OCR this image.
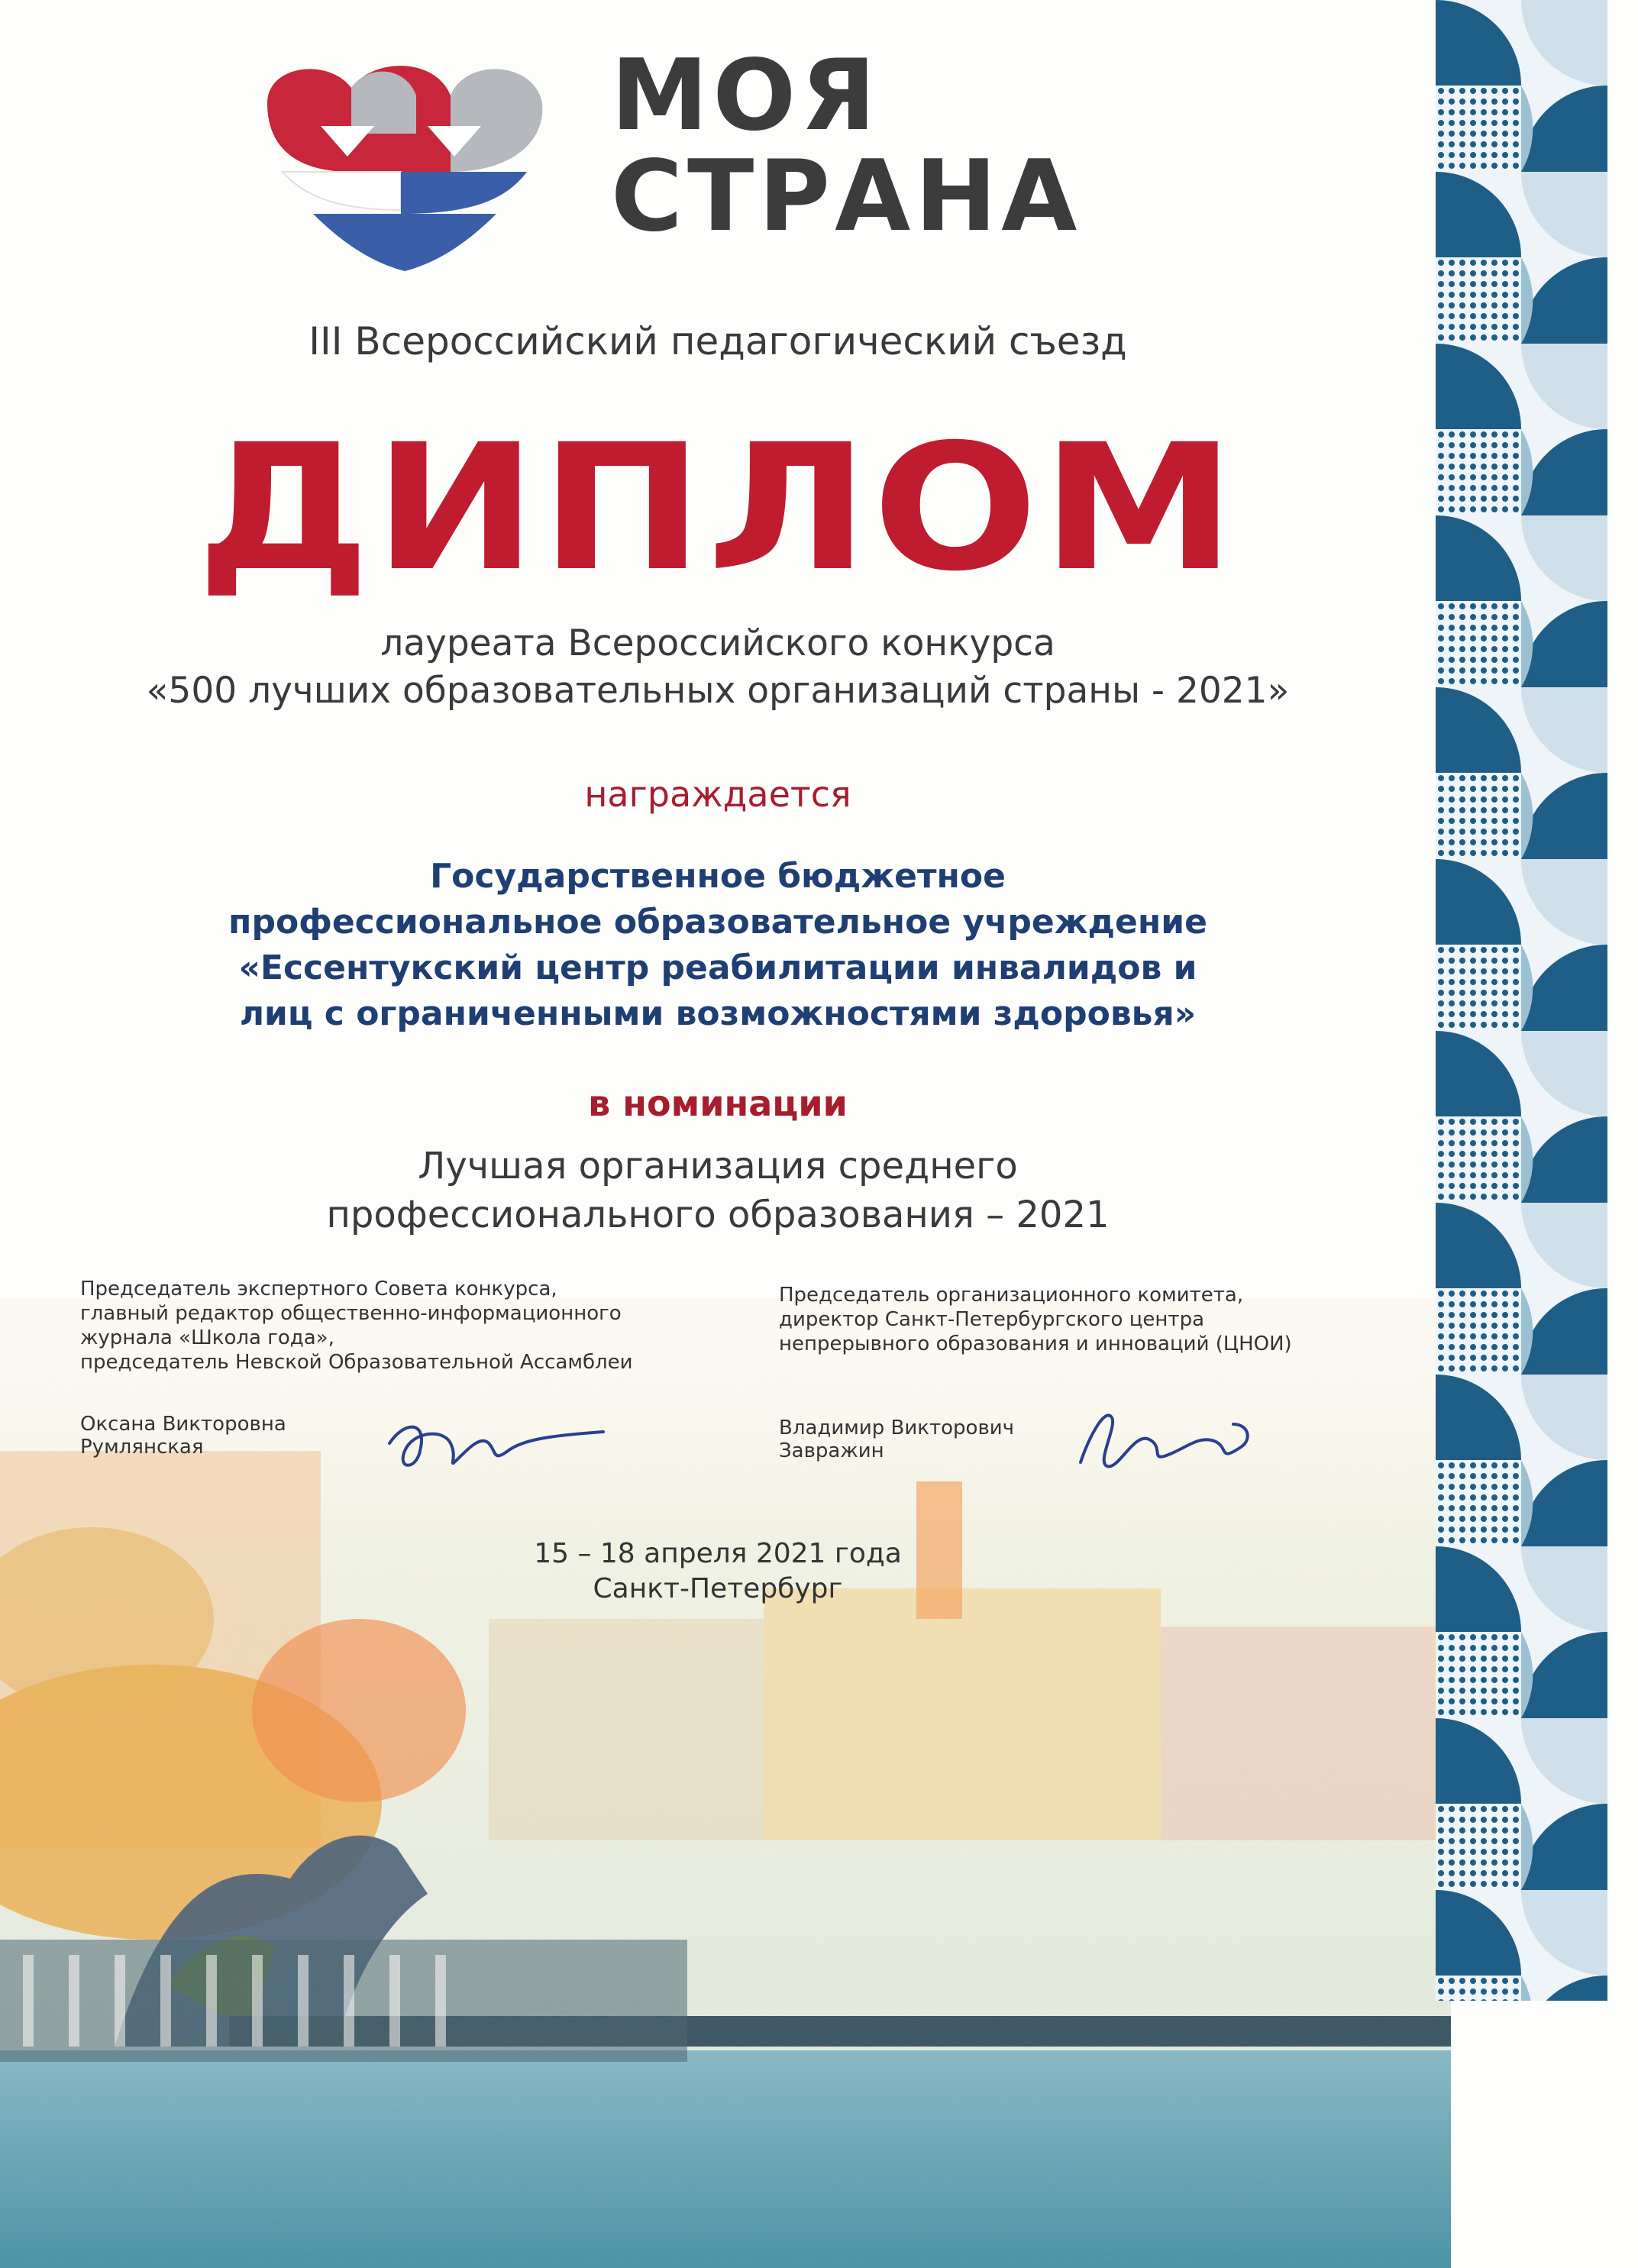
МОЯ
СТРАНА
III Всероссийский педагогический съезд
ДИПЛОМ
лауреата Всероссийского конкурса
«500 лучших образовательных организаций страны - 2021»
награждается
Государственное бюджетное
профессиональное образовательное учреждение
«Ессентукский центр реабилитации инвалидов и
лиц с ограниченными возможностями здоровья»
в номинации
Лучшая организация среднего
профессионального образования – 2021
Председатель экспертного Совета конкурса,
главный редактор общественно-информационного
журнала «Школа года»,
председатель Невской Образовательной Ассамблеи
Председатель организационного комитета,
директор Санкт-Петербургского центра
непрерывного образования и инноваций (ЦНОИ)
Оксана Викторовна
Румлянская
Владимир Викторович
Завражин
15 – 18 апреля 2021 года
Санкт-Петербург
